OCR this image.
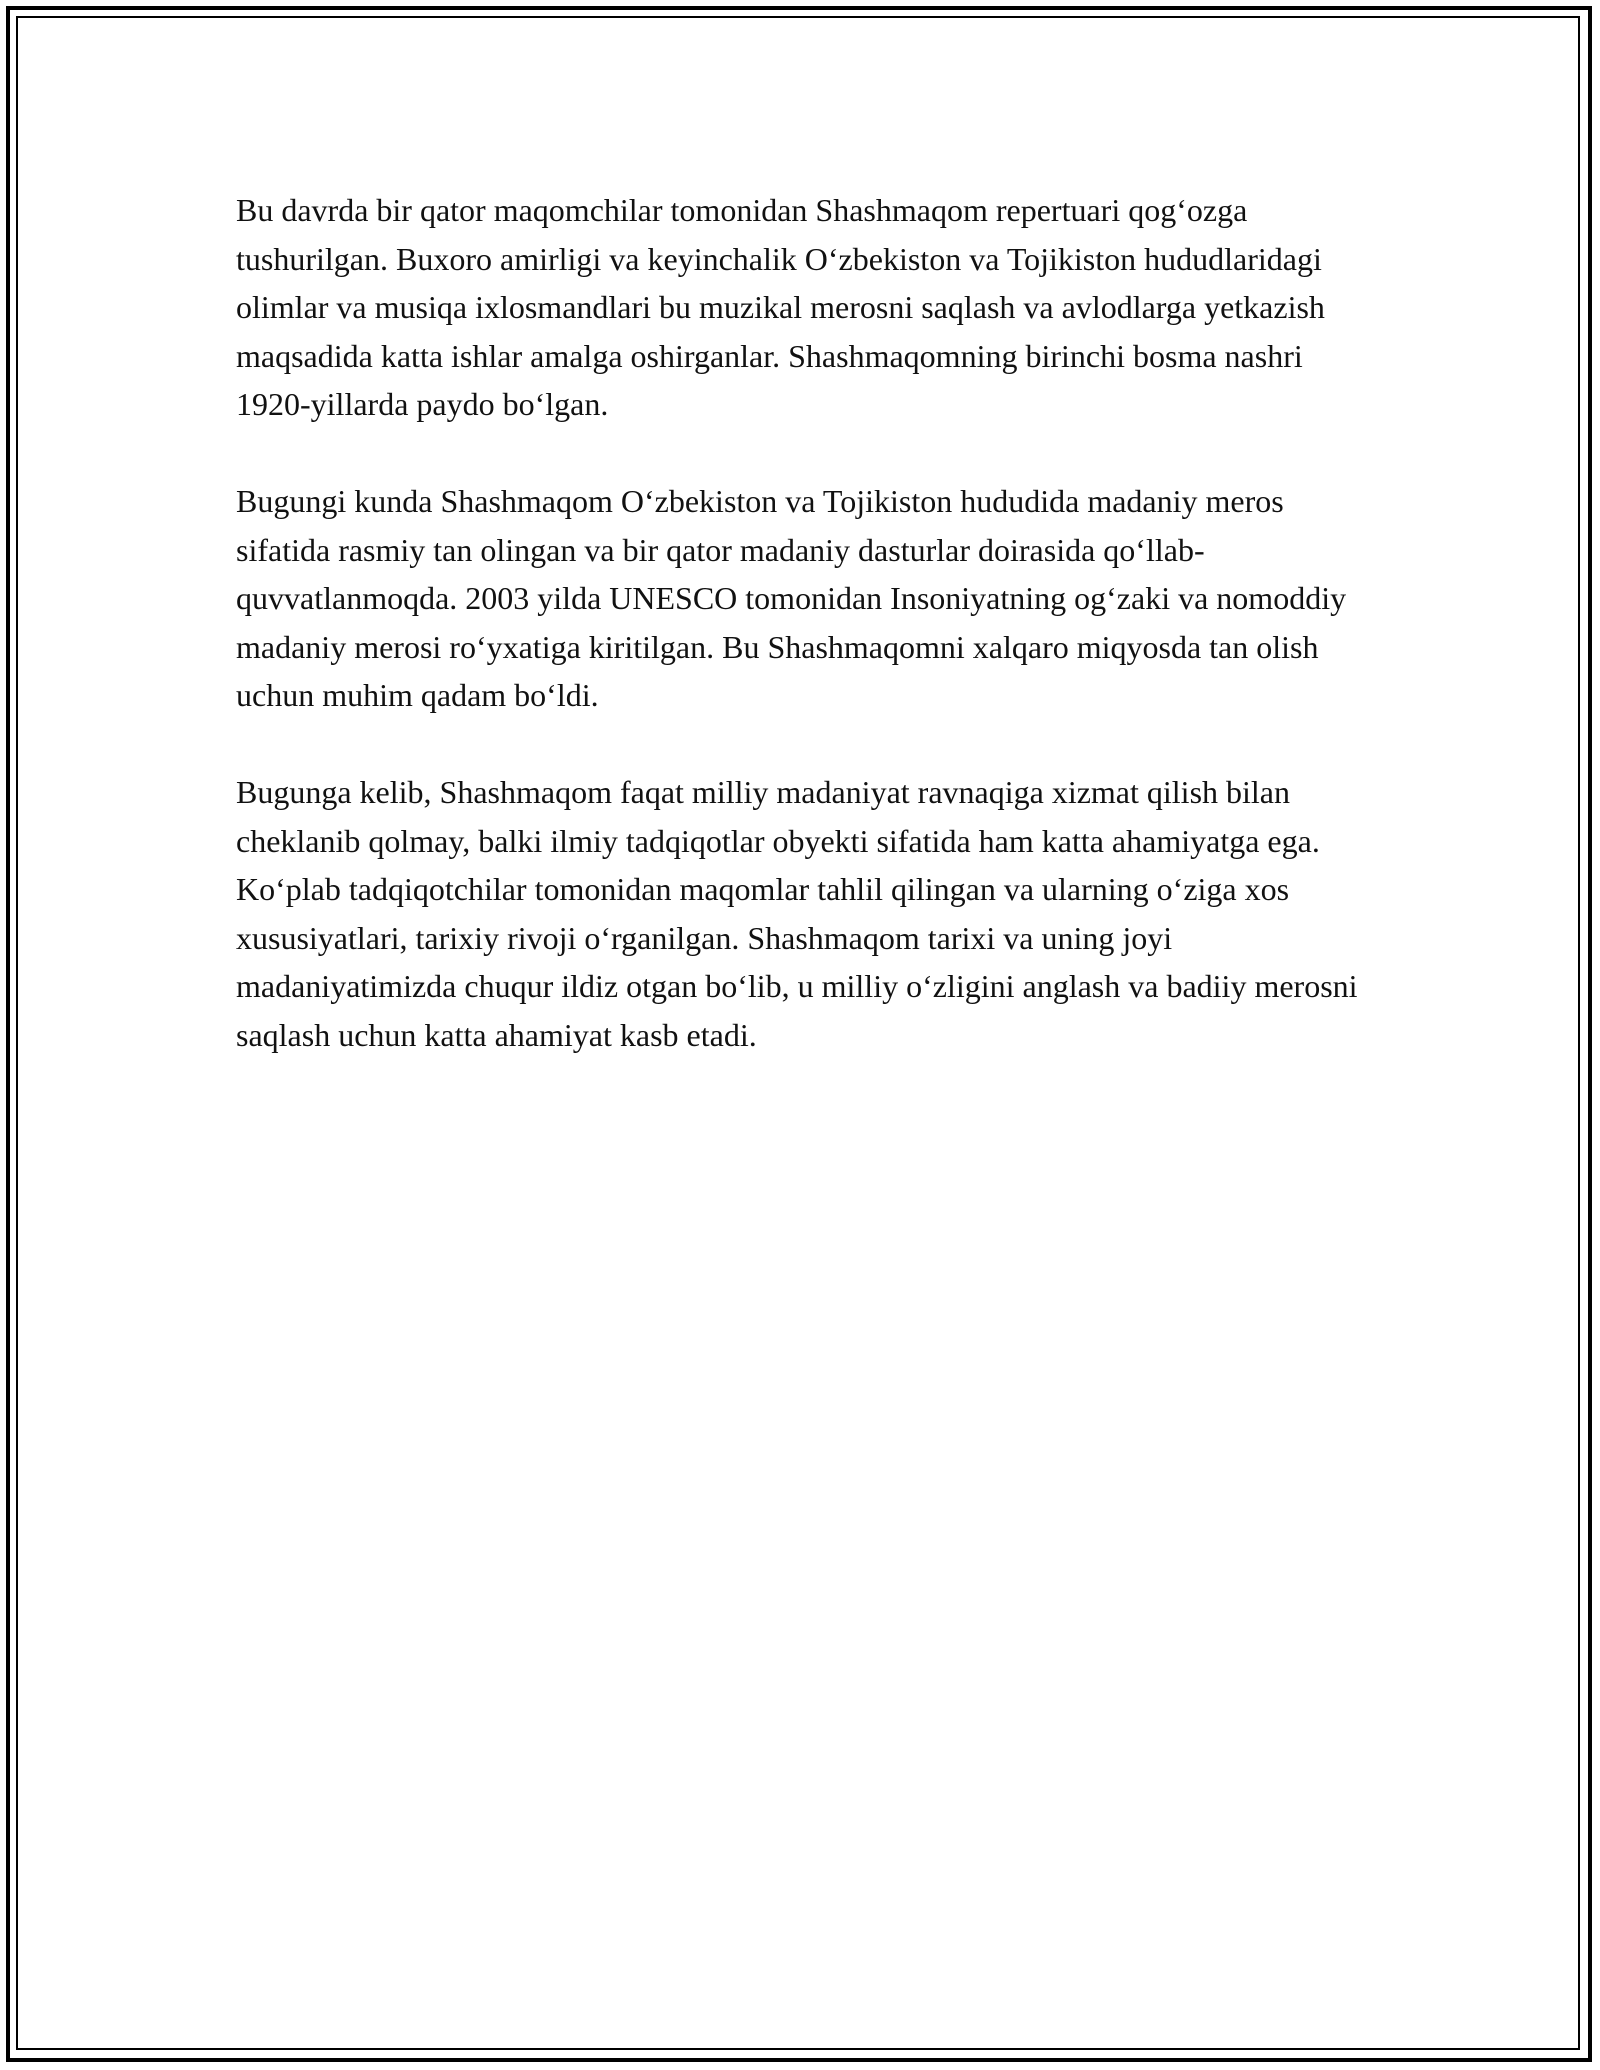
Bu davrda bir qator maqomchilar tomonidan Shashmaqom repertuari qog‘ozga tushurilgan. Buxoro amirligi va keyinchalik O‘zbekiston va Tojikiston hududlaridagi olimlar va musiqa ixlosmandlari bu muzikal merosni saqlash va avlodlarga yetkazish maqsadida katta ishlar amalga oshirganlar. Shashmaqomning birinchi bosma nashri 1920-yillarda paydo bo‘lgan.

Bugungi kunda Shashmaqom O‘zbekiston va Tojikiston hududida madaniy meros sifatida rasmiy tan olingan va bir qator madaniy dasturlar doirasida qo‘llab-quvvatlanmoqda. 2003 yilda UNESCO tomonidan Insoniyatning og‘zaki va nomoddiy madaniy merosi ro‘yxatiga kiritilgan. Bu Shashmaqomni xalqaro miqyosda tan olish uchun muhim qadam bo‘ldi.

Bugunga kelib, Shashmaqom faqat milliy madaniyat ravnaqiga xizmat qilish bilan cheklanib qolmay, balki ilmiy tadqiqotlar obyekti sifatida ham katta ahamiyatga ega. Ko‘plab tadqiqotchilar tomonidan maqomlar tahlil qilingan va ularning o‘ziga xos xususiyatlari, tarixiy rivoji o‘rganilgan. Shashmaqom tarixi va uning joyi madaniyatimizda chuqur ildiz otgan bo‘lib, u milliy o‘zligini anglash va badiiy merosni saqlash uchun katta ahamiyat kasb etadi.
